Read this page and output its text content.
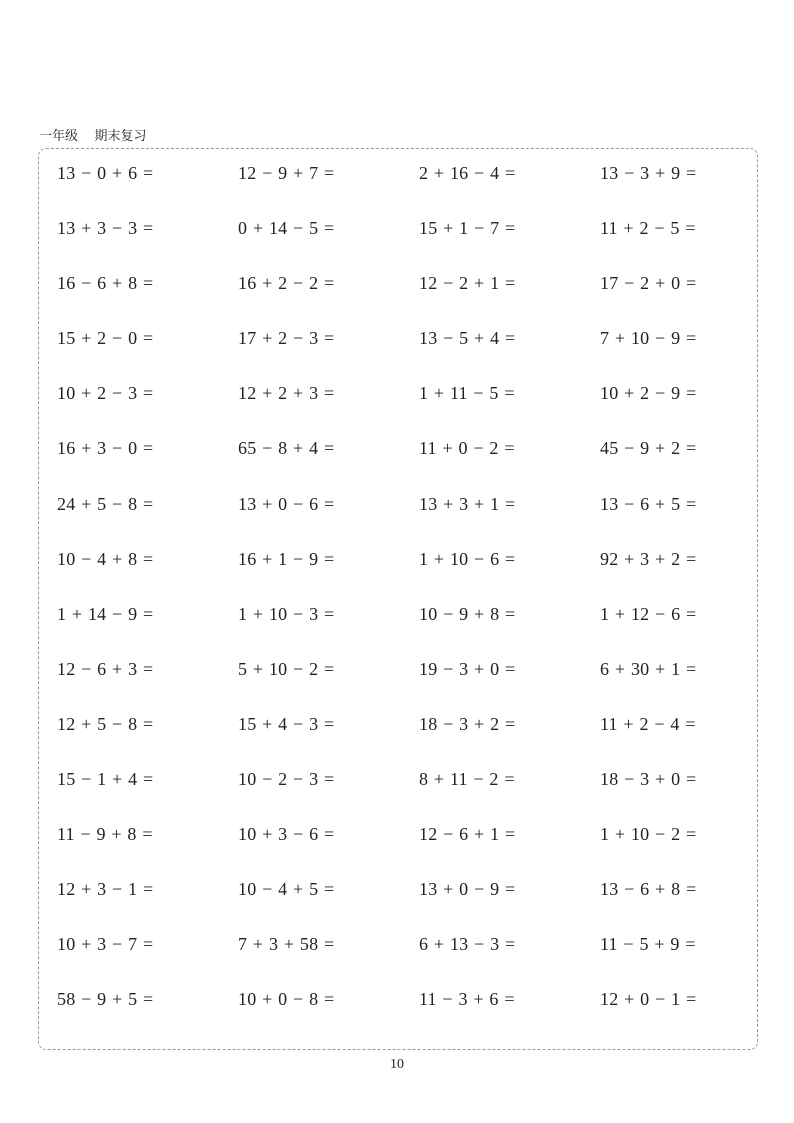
一年级    期末复习
13 − 0 + 6 =	12 − 9 + 7 =	2 + 16 − 4 =	13 − 3 + 9 =
13 + 3 − 3 =	0 + 14 − 5 =	15 + 1 − 7 =	11 + 2 − 5 =
16 − 6 + 8 =	16 + 2 − 2 =	12 − 2 + 1 =	17 − 2 + 0 =
15 + 2 − 0 =	17 + 2 − 3 =	13 − 5 + 4 =	7 + 10 − 9 =
10 + 2 − 3 =	12 + 2 + 3 =	1 + 11 − 5 =	10 + 2 − 9 =
16 + 3 − 0 =	65 − 8 + 4 =	11 + 0 − 2 =	45 − 9 + 2 =
24 + 5 − 8 =	13 + 0 − 6 =	13 + 3 + 1 =	13 − 6 + 5 =
10 − 4 + 8 =	16 + 1 − 9 =	1 + 10 − 6 =	92 + 3 + 2 =
1 + 14 − 9 =	1 + 10 − 3 =	10 − 9 + 8 =	1 + 12 − 6 =
12 − 6 + 3 =	5 + 10 − 2 =	19 − 3 + 0 =	6 + 30 + 1 =
12 + 5 − 8 =	15 + 4 − 3 =	18 − 3 + 2 =	11 + 2 − 4 =
15 − 1 + 4 =	10 − 2 − 3 =	8 + 11 − 2 =	18 − 3 + 0 =
11 − 9 + 8 =	10 + 3 − 6 =	12 − 6 + 1 =	1 + 10 − 2 =
12 + 3 − 1 =	10 − 4 + 5 =	13 + 0 − 9 =	13 − 6 + 8 =
10 + 3 − 7 =	7 + 3 + 58 =	6 + 13 − 3 =	11 − 5 + 9 =
58 − 9 + 5 =	10 + 0 − 8 =	11 − 3 + 6 =	12 + 0 − 1 =
10
